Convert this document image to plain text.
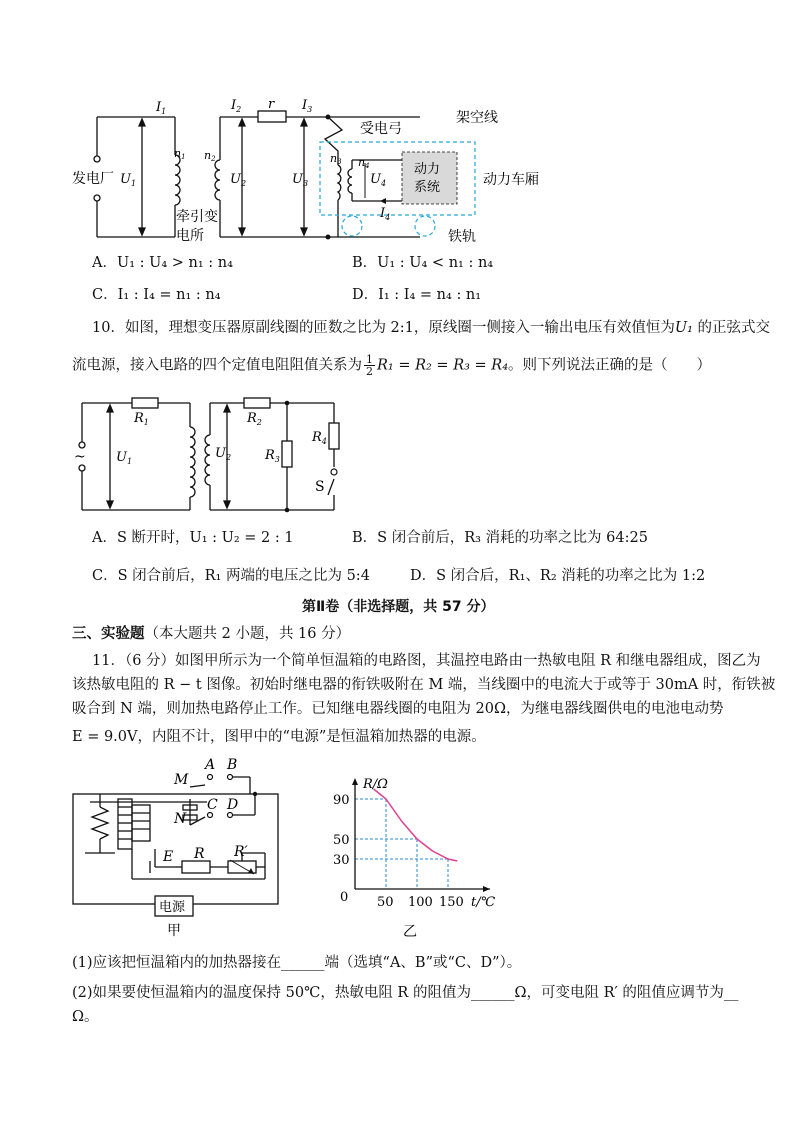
$I_1$	$I_2$ r $I_3$
架空线
受电弓
n1 n2	n3 n4
发电厂 $U_1$	$U_2$	$U_3$	$U_4$
动力
系统	动力车厢
$I_4$
牵引变
电所	铁轨
A．U₁ : U₄ > n₁ : n₄	B．U₁ : U₄ < n₁ : n₄
C．I₁ : I₄ = n₁ : n₄	D．I₁ : I₄ = n₄ : n₁
10．如图，理想变压器原副线圈的匝数之比为 2:1，原线圈一侧接入一输出电压有效值恒为U₁ 的正弦式交
流电源，接入电路的四个定值电阻阻值关系为 $\frac{1}{2} R_1 = R_2 = R_3 = R_4$。则下列说法正确的是（　　）
~
$R_1$
$U_1$
$R_2$
$U_2$	$R_3$
$R_4$
S
A．S 断开时，U₁ : U₂ = 2 : 1	B．S 闭合前后，R₃ 消耗的功率之比为 64:25
C．S 闭合前后，R₁ 两端的电压之比为 5:4	D．S 闭合后，R₁、R₂ 消耗的功率之比为 1:2
第Ⅱ卷（非选择题，共 57 分）
三、实验题（本大题共 2 小题，共 16 分）
11．（6 分）如图甲所示为一个简单恒温箱的电路图，其温控电路由一热敏电阻 R 和继电器组成，图乙为
该热敏电阻的 R − t 图像。初始时继电器的衔铁吸附在 M 端，当线圈中的电流大于或等于 30mA 时，衔铁被
吸合到 N 端，则加热电路停止工作。已知继电器线圈的电阻为 20Ω，为继电器线圈供电的电池电动势
E = 9.0V，内阻不计，图甲中的“电源”是恒温箱加热器的电源。
M
N
A B
C D
E R R′
电源
甲
30
50
90
50 100 150
R/Ω
t/℃
0
乙
(1)应该把恒温箱内的加热器接在______端（选填“A、B”或“C、D”）。
(2)如果要使恒温箱内的温度保持 50℃，热敏电阻 R 的阻值为______Ω，可变电阻 R′ 的阻值应调节为__
Ω。
